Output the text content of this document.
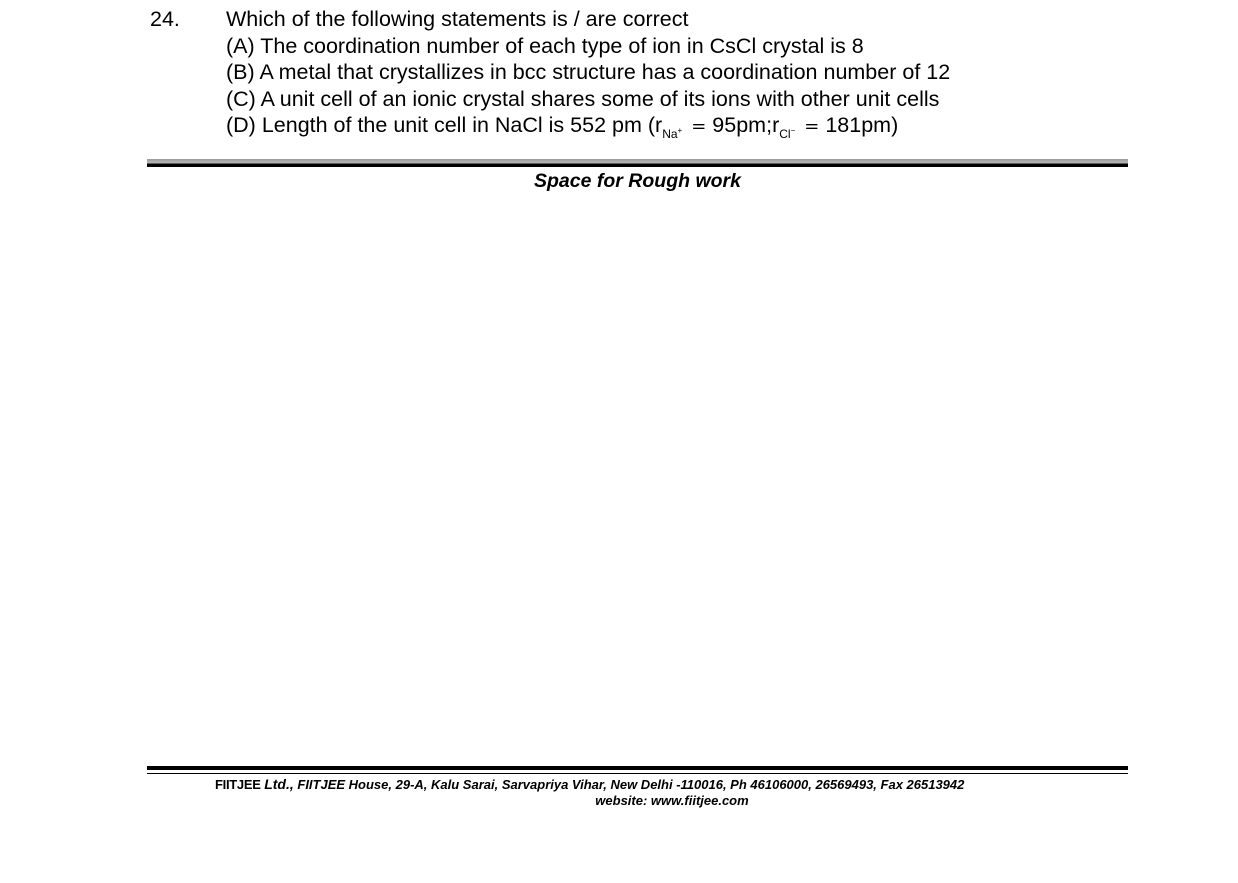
24.	Which of the following statements is / are correct
(A) The coordination number of each type of ion in CsCl crystal is 8
(B) A metal that crystallizes in bcc structure has a coordination number of 12
(C) A unit cell of an ionic crystal shares some of its ions with other unit cells
(D) Length of the unit cell in NaCl is 552 pm ($r_{Na^+}$ = $95pm;r_{Cl^-} = 181pm$)
Space for Rough work
FIITJEE Ltd., FIITJEE House, 29-A, Kalu Sarai, Sarvapriya Vihar, New Delhi -110016, Ph 46106000, 26569493, Fax 26513942
website: www.fiitjee.com
